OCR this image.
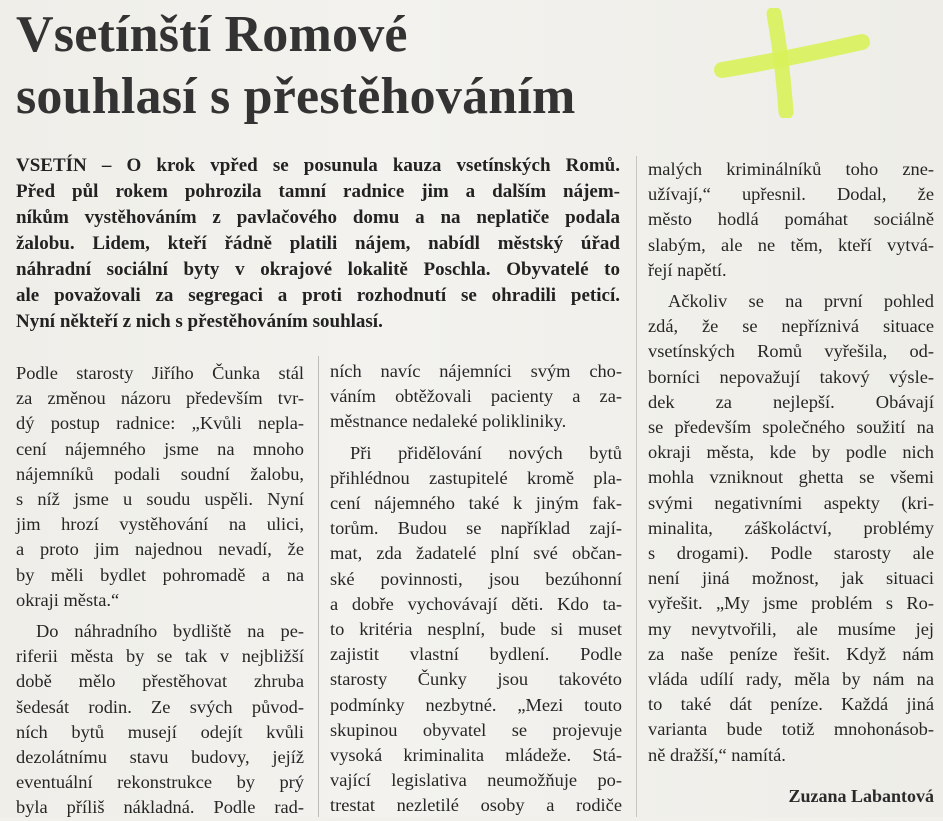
Vsetínští Romové
souhlasí s přestěhováním
VSETÍN – O krok vpřed se posunula kauza vsetínských Romů.
Před půl rokem pohrozila tamní radnice jim a dalším nájem-
níkům vystěhováním z pavlačového domu a na neplatiče podala
žalobu. Lidem, kteří řádně platili nájem, nabídl městský úřad
náhradní sociální byty v okrajové lokalitě Poschla. Obyvatelé to
ale považovali za segregaci a proti rozhodnutí se ohradili peticí.
Nyní někteří z nich s přestěhováním souhlasí.
Podle starosty Jiřího Čunka stál
za změnou názoru především tvr-
dý postup radnice: „Kvůli nepla-
cení nájemného jsme na mnoho
nájemníků podali soudní žalobu,
s níž jsme u soudu uspěli. Nyní
jim hrozí vystěhování na ulici,
a proto jim najednou nevadí, že
by měli bydlet pohromadě a na
okraji města.“
Do náhradního bydliště na pe-
riferii města by se tak v nejbližší
době mělo přestěhovat zhruba
šedesát rodin. Ze svých původ-
ních bytů musejí odejít kvůli
dezolátnímu stavu budovy, jejíž
eventuální rekonstrukce by prý
byla příliš nákladná. Podle rad-
ních navíc nájemníci svým cho-
váním obtěžovali pacienty a za-
městnance nedaleké polikliniky.
Při přidělování nových bytů
přihlédnou zastupitelé kromě pla-
cení nájemného také k jiným fak-
torům. Budou se například zají-
mat, zda žadatelé plní své občan-
ské povinnosti, jsou bezúhonní
a dobře vychovávají děti. Kdo ta-
to kritéria nesplní, bude si muset
zajistit vlastní bydlení. Podle
starosty Čunky jsou takovéto
podmínky nezbytné. „Mezi touto
skupinou obyvatel se projevuje
vysoká kriminalita mládeže. Stá-
vající legislativa neumožňuje po-
trestat nezletilé osoby a rodiče
malých kriminálníků toho zne-
užívají,“ upřesnil. Dodal, že
město hodlá pomáhat sociálně
slabým, ale ne těm, kteří vytvá-
řejí napětí.
Ačkoliv se na první pohled
zdá, že se nepříznivá situace
vsetínských Romů vyřešila, od-
borníci nepovažují takový výsle-
dek za nejlepší. Obávají
se především společného soužití na
okraji města, kde by podle nich
mohla vzniknout ghetta se všemi
svými negativními aspekty (kri-
minalita, záškoláctví, problémy
s drogami). Podle starosty ale
není jiná možnost, jak situaci
vyřešit. „My jsme problém s Ro-
my nevytvořili, ale musíme jej
za naše peníze řešit. Když nám
vláda udílí rady, měla by nám na
to také dát peníze. Každá jiná
varianta bude totiž mnohonásob-
ně dražší,“ namítá.
Zuzana Labantová
